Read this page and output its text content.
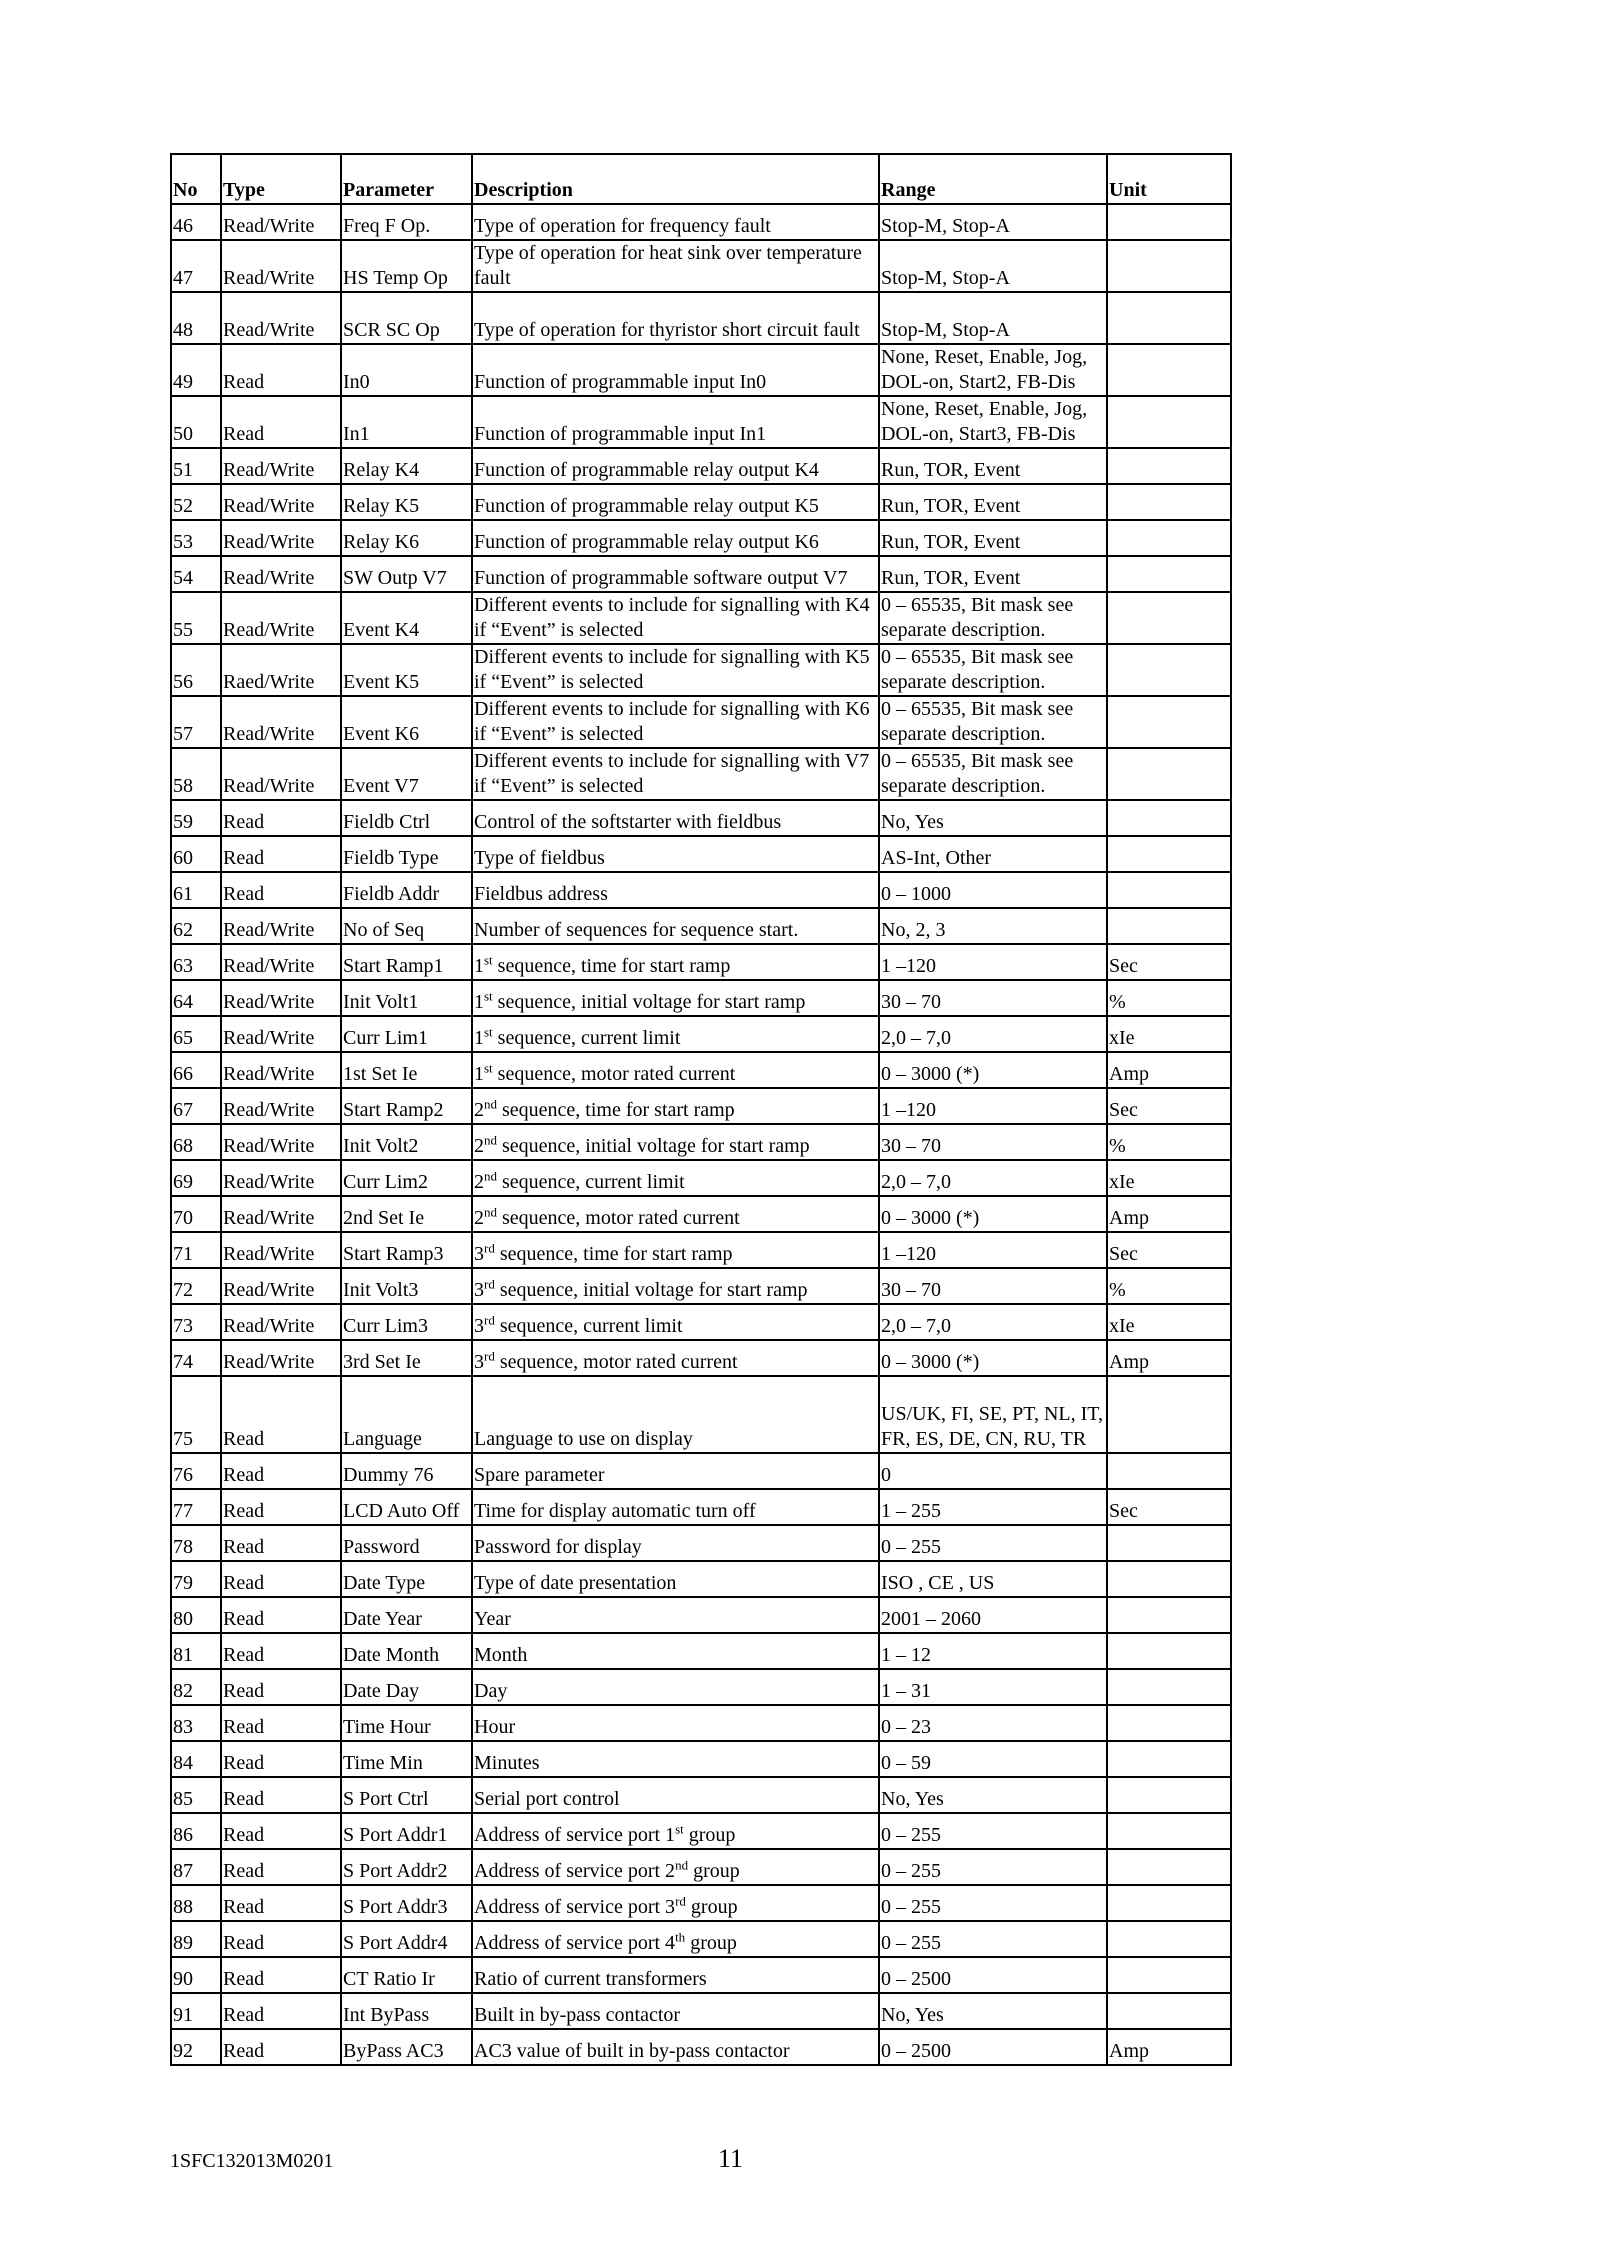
No	Type	Parameter	Description	Range	Unit
46	Read/Write	Freq F Op.	Type of operation for frequency fault	Stop-M, Stop-A	
47	Read/Write	HS Temp Op	Type of operation for heat sink over temperature fault	Stop-M, Stop-A	
48	Read/Write	SCR SC Op	Type of operation for thyristor short circuit fault	Stop-M, Stop-A	
49	Read	In0	Function of programmable input In0	None, Reset, Enable, Jog, DOL-on, Start2, FB-Dis	
50	Read	In1	Function of programmable input In1	None, Reset, Enable, Jog, DOL-on, Start3, FB-Dis	
51	Read/Write	Relay K4	Function of programmable relay output K4	Run, TOR, Event	
52	Read/Write	Relay K5	Function of programmable relay output K5	Run, TOR, Event	
53	Read/Write	Relay K6	Function of programmable relay output K6	Run, TOR, Event	
54	Read/Write	SW Outp V7	Function of programmable software output V7	Run, TOR, Event	
55	Read/Write	Event K4	Different events to include for signalling with K4 if “Event” is selected	0 – 65535, Bit mask see separate description.	
56	Raed/Write	Event K5	Different events to include for signalling with K5 if “Event” is selected	0 – 65535, Bit mask see separate description.	
57	Read/Write	Event K6	Different events to include for signalling with K6 if “Event” is selected	0 – 65535, Bit mask see separate description.	
58	Read/Write	Event V7	Different events to include for signalling with V7 if “Event” is selected	0 – 65535, Bit mask see separate description.	
59	Read	Fieldb Ctrl	Control of the softstarter with fieldbus	No, Yes	
60	Read	Fieldb Type	Type of fieldbus	AS-Int, Other	
61	Read	Fieldb Addr	Fieldbus address	0 – 1000	
62	Read/Write	No of Seq	Number of sequences for sequence start.	No, 2, 3	
63	Read/Write	Start Ramp1	1st sequence, time for start ramp	1 –120	Sec
64	Read/Write	Init Volt1	1st sequence, initial voltage for start ramp	30 – 70	%
65	Read/Write	Curr Lim1	1st sequence, current limit	2,0 – 7,0	xIe
66	Read/Write	1st Set Ie	1st sequence, motor rated current	0 – 3000 (*)	Amp
67	Read/Write	Start Ramp2	2nd sequence, time for start ramp	1 –120	Sec
68	Read/Write	Init Volt2	2nd sequence, initial voltage for start ramp	30 – 70	%
69	Read/Write	Curr Lim2	2nd sequence, current limit	2,0 – 7,0	xIe
70	Read/Write	2nd Set Ie	2nd sequence, motor rated current	0 – 3000 (*)	Amp
71	Read/Write	Start Ramp3	3rd sequence, time for start ramp	1 –120	Sec
72	Read/Write	Init Volt3	3rd sequence, initial voltage for start ramp	30 – 70	%
73	Read/Write	Curr Lim3	3rd sequence, current limit	2,0 – 7,0	xIe
74	Read/Write	3rd Set Ie	3rd sequence, motor rated current	0 – 3000 (*)	Amp
75	Read	Language	Language to use on display	US/UK, FI, SE, PT, NL, IT, FR, ES, DE, CN, RU, TR	
76	Read	Dummy 76	Spare parameter	0	
77	Read	LCD Auto Off	Time for display automatic turn off	1 – 255	Sec
78	Read	Password	Password for display	0 – 255	
79	Read	Date Type	Type of date presentation	ISO , CE , US	
80	Read	Date Year	Year	2001 – 2060	
81	Read	Date Month	Month	1 – 12	
82	Read	Date Day	Day	1 – 31	
83	Read	Time Hour	Hour	0 – 23	
84	Read	Time Min	Minutes	0 – 59	
85	Read	S Port Ctrl	Serial port control	No, Yes	
86	Read	S Port Addr1	Address of service port 1st group	0 – 255	
87	Read	S Port Addr2	Address of service port 2nd group	0 – 255	
88	Read	S Port Addr3	Address of service port 3rd group	0 – 255	
89	Read	S Port Addr4	Address of service port 4th group	0 – 255	
90	Read	CT Ratio Ir	Ratio of current transformers	0 – 2500	
91	Read	Int ByPass	Built in by-pass contactor	No, Yes	
92	Read	ByPass AC3	AC3 value of built in by-pass contactor	0 – 2500	Amp
1SFC132013M0201	11
